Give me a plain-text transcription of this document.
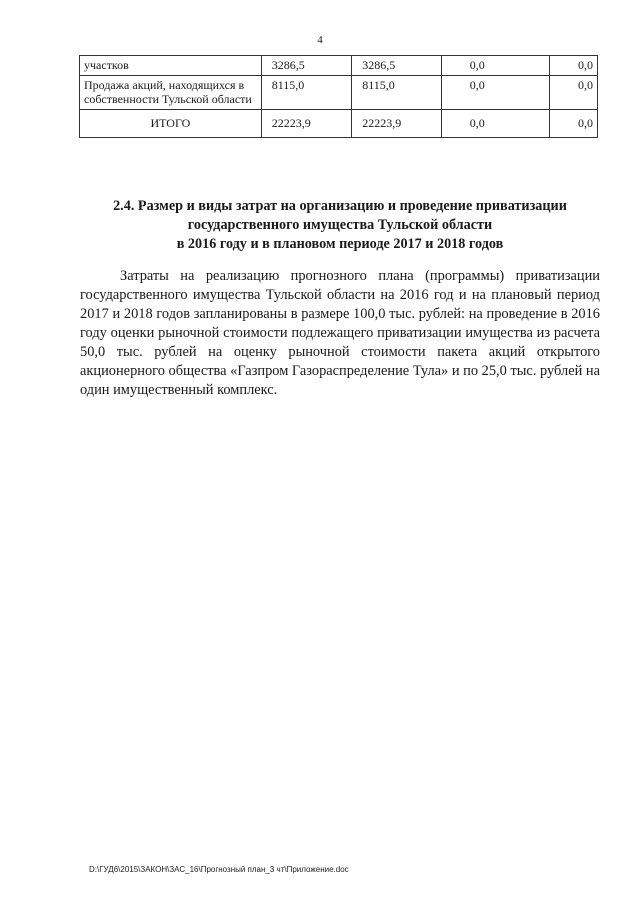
4
участков	3286,5	3286,5	0,0	0,0
Продажа акций, находящихся в собственности Тульской области	8115,0	8115,0	0,0	0,0
ИТОГО	22223,9	22223,9	0,0	0,0
2.4. Размер и виды затрат на организацию и проведение приватизации
государственного имущества Тульской области
в 2016 году и в плановом периоде 2017 и 2018 годов

Затраты на реализацию прогнозного плана (программы) приватизации государственного имущества Тульской области на 2016 год и на плановый период 2017 и 2018 годов запланированы в размере 100,0 тыс. рублей: на проведение в 2016 году оценки рыночной стоимости подлежащего приватизации имущества из расчета 50,0 тыс. рублей на оценку рыночной стоимости пакета акций открытого акционерного общества «Газпром Газораспределение Тула» и по 25,0 тыс. рублей на один имущественный комплекс.

D:\ГУД6\2015\ЗАКОН\ЗАС_16\Прогнозный план_3 чт\Приложение.doc
